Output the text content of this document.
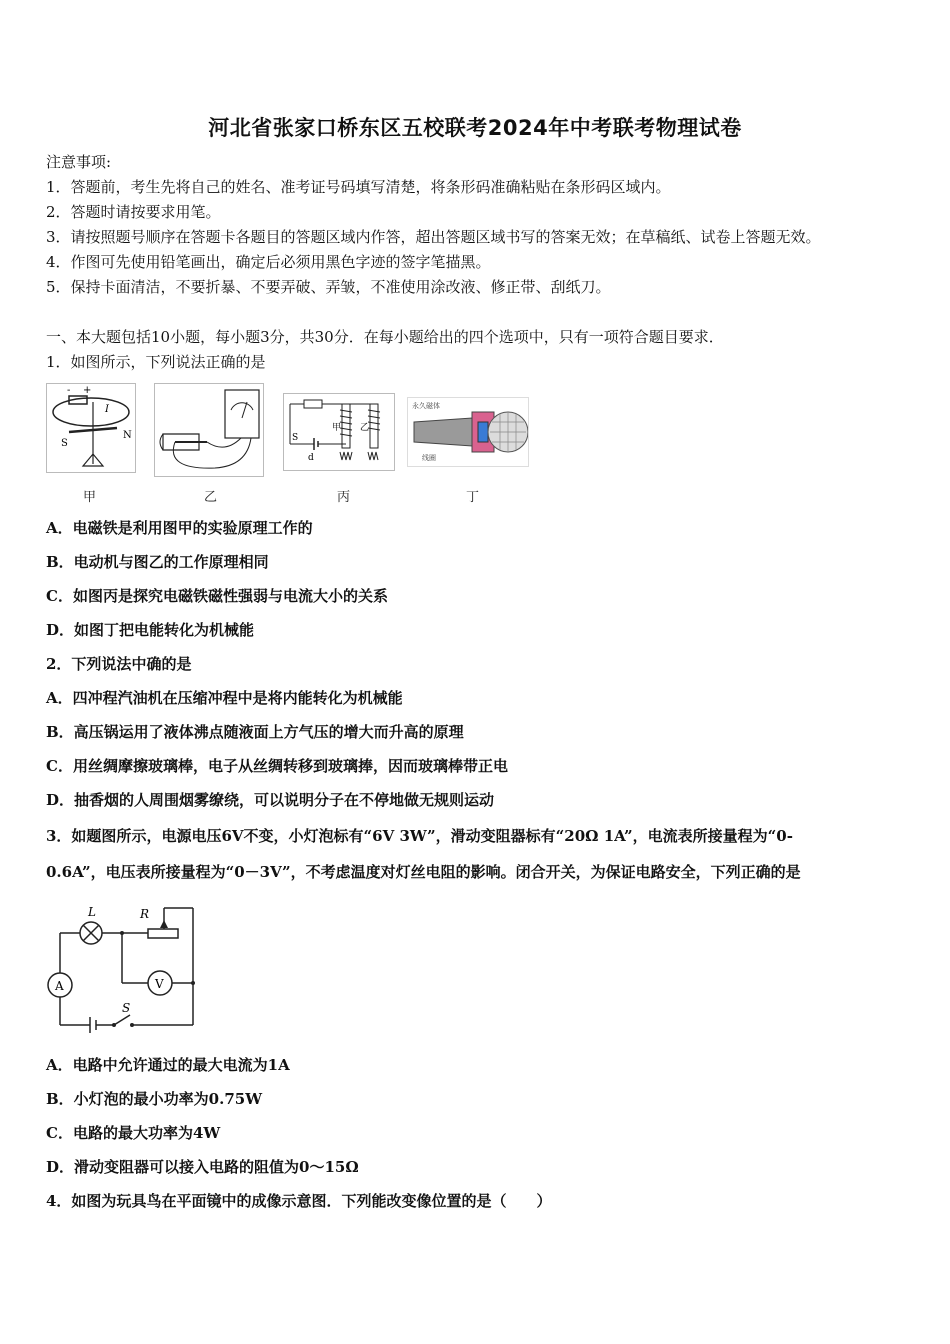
河北省张家口桥东区五校联考2024年中考联考物理试卷
注意事项:
1．答题前，考生先将自己的姓名、准考证号码填写清楚，将条形码准确粘贴在条形码区域内。
2．答题时请按要求用笔。
3．请按照题号顺序在答题卡各题目的答题区域内作答，超出答题区域书写的答案无效；在草稿纸、试卷上答题无效。
4．作图可先使用铅笔画出，确定后必须用黑色字迹的签字笔描黑。
5．保持卡面清洁，不要折暴、不要弄破、弄皱，不准使用涂改液、修正带、刮纸刀。
一、本大题包括10小题，每小题3分，共30分．在每小题给出的四个选项中，只有一项符合题目要求．
1．如图所示，下列说法正确的是
- +
I
S
N
甲	乙
S
d
甲 乙
丙
永久磁体
线圈
丁
A．电磁铁是利用图甲的实验原理工作的
B．电动机与图乙的工作原理相同
C．如图丙是探究电磁铁磁性强弱与电流大小的关系
D．如图丁把电能转化为机械能
2．下列说法中确的是
A．四冲程汽油机在压缩冲程中是将内能转化为机械能
B．高压锅运用了液体沸点随液面上方气压的增大而升高的原理
C．用丝绸摩擦玻璃棒，电子从丝绸转移到玻璃捧，因而玻璃棒带正电
D．抽香烟的人周围烟雾缭绕，可以说明分子在不停地做无规则运动
3．如题图所示，电源电压6V不变，小灯泡标有“6V 3W”，滑动变阻器标有“20Ω 1A”，电流表所接量程为“0-
0.6A”，电压表所接量程为“0－3V”，不考虑温度对灯丝电阻的影响。闭合开关，为保证电路安全，下列正确的是
L	R
A	V
S
A．电路中允许通过的最大电流为1A
B．小灯泡的最小功率为0.75W
C．电路的最大功率为4W
D．滑动变阻器可以接入电路的阻值为0～15Ω
4．如图为玩具鸟在平面镜中的成像示意图．下列能改变像位置的是（　　）
